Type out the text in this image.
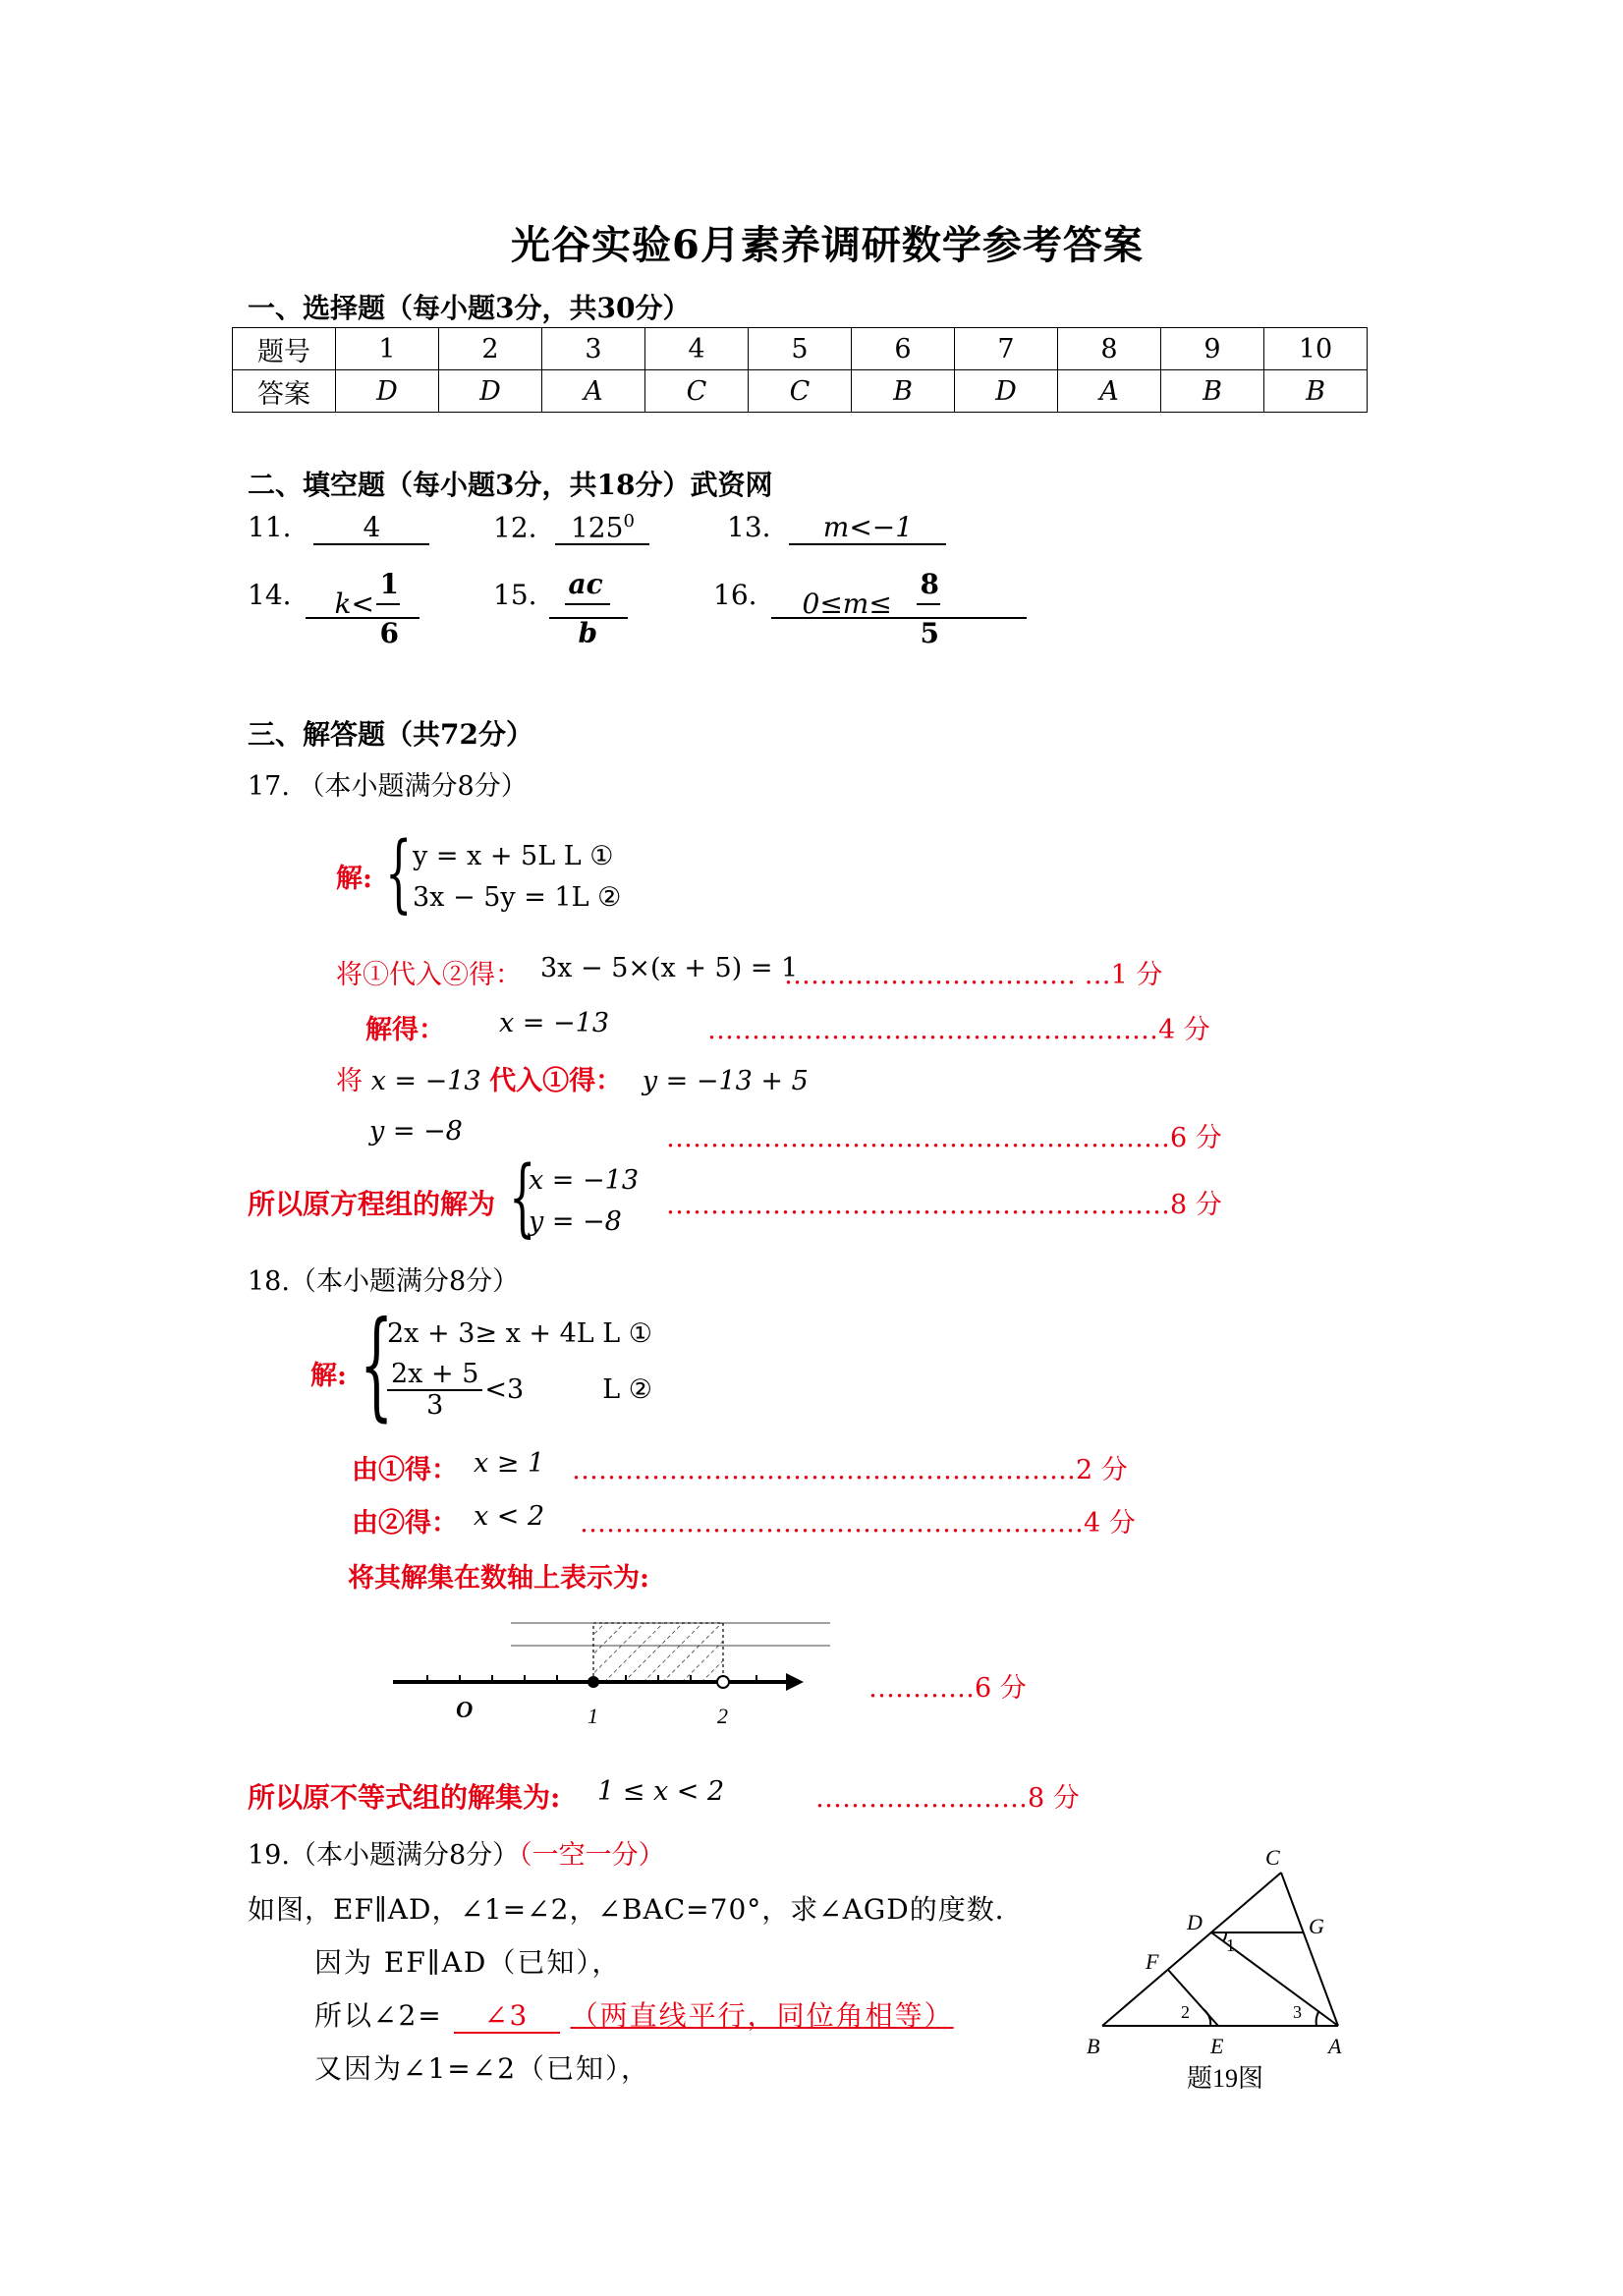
光谷实验6月素养调研数学参考答案
一、选择题（每小题3分，共30分）
题号	1	2	3	4	5	6	7	8	9	10
答案	D	D	A	C	C	B	D	A	B	B
二、填空题（每小题3分，共18分）武资网
11.	4	12. $125^0$	13. m<−1
14. k<
1
6
15. ac
b
16. 0≤m≤
8
5
三、解答题（共72分）
17. （本小题满分8分）
解: { y = x + 5L L ①
3x − 5y = 1L ②
将①代入②得： 3x − 5×(x + 5) = 1
…………………………… …1 分
解得： x = −13	……………………………………………4 分
将 x = −13 代入①得： y = −13 + 5
y = −8	…………………………………………………6 分
所以原方程组的解为 {
x = −13
y = −8
…………………………………………………8 分
18.（本小题满分8分）
解: {
2x + 3≥ x + 4L L ①
$\frac{2x + 5}{3} <3$	L ②
由①得： x ≥ 1 …………………………………………………2 分
由②得： x < 2 …………………………………………………4 分
将其解集在数轴上表示为:
O	1	2
…………6 分
所以原不等式组的解集为: 1 ≤ x < 2	……………………8 分
19.（本小题满分8分）（一空一分）
如图，EF∥AD，∠1=∠2，∠BAC=70°，求∠AGD的度数．
因为 EF∥AD（已知），
所以∠2= ∠3 （两直线平行，同位角相等）
又因为∠1=∠2（已知），
C
D	G
1
F
2	3
B	E	A
题19图
